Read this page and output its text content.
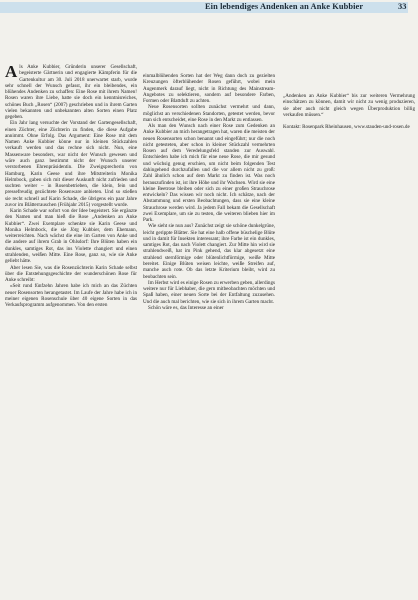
Ein lebendiges Andenken an Anke Kubbier	33

Als Anke Kubbier, Gründerin unserer Gesellschaft, begeisterte Gärtnerin und engagierte Kämpferin für die Gartenkultur am 30. Juli 2018 unerwartet starb, wurde sehr schnell der Wunsch gefasst, ihr ein bleibendes, ein blühendes Andenken zu schaffen: Eine Rose mit ihrem Namen! Rosen waren ihre Liebe, hatte sie doch ein kenntnisreiches, schönes Buch „Rosen“ (2007) geschrieben und in ihrem Garten vielen bekannten und unbekannten alten Sorten einen Platz gegeben.

Ein Jahr lang versuchte der Vorstand der Gartengesellschaft, einen Züchter, eine Züchterin zu finden, die diese Aufgabe annimmt. Ohne Erfolg. Das Argument: Eine Rose mit dem Namen Anke Kubbier könne nur in kleinen Stückzahlen verkauft werden und das rechne sich nicht. Nun, eine Massenware besonders, war nicht der Wunsch gewesen und wäre auch ganz bestimmt nicht der Wunsch unserer verstorbenen Ehrenpräsidentin. Die Zweigsprecherin von Hamburg, Karin Geese und ihre Mitstreiterin Monika Helmbock, gaben sich mit dieser Auskunft nicht zufrieden und suchten weiter – in Rosenbetrieben, die klein, fein und pressefreudig gezüchtete Rosenware anbieten. Und so stießen sie recht schnell auf Karin Schade, die übrigens ein paar Jahre zuvor im Blätterrauschen (Frühjahr 2015) vorgestellt wurde.

Karin Schade war sofort von der Idee begeistert. Sie ergänzte den Namen und man hieß die Rose „Andenken an Anke Kubbier“. Zwei Exemplare schenkte sie Karin Geese und Monika Helmbock, die sie Jörg Kubbier, dem Ehemann, weiterreichten. Nach wächst die eine im Garten von Anke und die andere auf ihrem Grab in Ohlsdorf: Ihre Blüten haben ein dunkles, samtiges Rot, das ins Violette changiert und einen strahlenden, weißen Mitte. Eine Rose, ganz so, wie sie Anke geliebt hätte.

Aber lesen Sie, was die Rosenzüchterin Karin Schade selbst über die Entstehungsgeschichte der wunderschönen Rose für Anke schreibt:

»Seit rund fünfzehn Jahren habe ich mich an das Züchten neuer Rosensorten herangetastet. Im Laufe der Jahre habe ich in meiner eigenen Rosenschule über 40 eigene Sorten in das Verkaufsprogramm aufgenommen. Von den ersten

einmalblühenden Sorten hat der Weg dann doch zu gezielten Kreuzungen öfterblühender Rosen geführt, wobei mein Augenmerk darauf liegt, nicht in Richtung des Mainstream-Angebotes zu selektieren, sondern auf besondere Farben, Formen oder Blattduft zu achten.

Neue Rosensorten sollten zunächst vermehrt und dann, möglichst an verschiedenen Standorten, getestet werden, bevor man sich entscheidet, eine Rose in den Markt zu entlassen.

Als man den Wunsch nach einer Rose zum Gedenken an Anke Kubbier an mich herangetragen hat, waren die meisten der neuen Rosensorten schon benannt und eingeführt; nur die noch nicht getesteten, aber schon in kleiner Stückzahl vermehrten Rosen auf dem Veredelungsfeld standen zur Auswahl. Entschieden habe ich mich für eine neue Rose, die mir gesund und wüchsig genug erschien, um nicht beim folgenden Test dahingehend durchzufallen und die vor allem nicht zu groß: Zahl ähnlich schon auf dem Markt zu finden ist. Was noch herauszufinden ist, ist ihre Höhe und ihr Wachsen. Wird sie eine kleine Beetrose bleiben oder sich zu einer großen Strauchrose entwickeln? Das wissen wir noch nicht. Ich schätze, nach der Abstammung und ersten Beobachtungen, dass sie eine kleine Strauchrose werden wird. Ja jedem Fall bekam die Gesellschaft zwei Exemplare, um sie zu testen, die weiteren blieben hier im Park.

Wie sieht sie nun aus? Zunächst zeigt sie schöne dunkelgrüne, leicht gerippte Blätter. Sie hat eine halb offene büschelige Blüte und in damit für Insekten interessant; ihre Farbe ist ein dunkles, samtiges Rot, das nach Violett changiert. Zur Mitte hin wird sie strahlendweiß, hat im Pink gehend, das klar abgesetzt eine strahlend sternförmige oder blütenlichtförmige, weiße Mitte bereitet. Einige Blüten weisen leichte, weiße Streifen auf, manche auch rote. Ob das letzte Kriterium bleibt, wird zu beobachten sein.

Im Herbst wird es einige Rosen zu erwerben geben, allerdings weitere nur für Liebhaber, die gern mitbeobachten möchten und Spaß haben, einer neuen Sorte bei der Entfaltung zuzusehen. Und die auch mal berichten, wie sie sich in ihrem Garten macht.

Schön wäre es, das Interesse an einer

„Andenken an Anke Kubbier“ bis zur weiteren Vermehrung einschätzen zu können, damit wir nicht zu wenig produzieren, sie aber auch nicht gleich wegen Überproduktion billig verkaufen müssen.“

Kontakt: Rosenpark Rheinhausen, www.stauden-und-rosen.de
